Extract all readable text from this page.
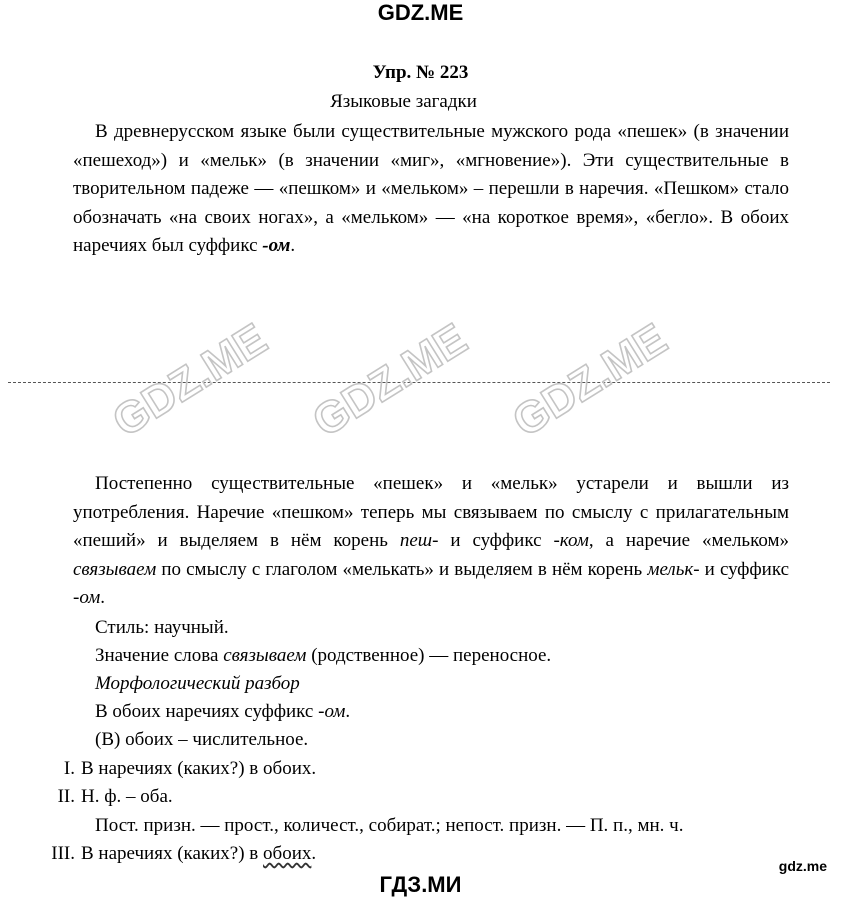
GDZ.ME
Упр. № 223
Языковые загадки
В древнерусском языке были существительные мужского рода «пешек» (в значении «пешеход») и «мельк» (в значении «миг», «мгновение»). Эти существительные в творительном падеже — «пешком» и «мельком» – перешли в наречия. «Пешком» стало обозначать «на своих ногах», а «мельком» — «на короткое время», «бегло». В обоих наречиях был суффикс -ом.
GDZ.ME GDZ.ME GDZ.ME
Постепенно существительные «пешек» и «мельк» устарели и вышли из употребления. Наречие «пешком» теперь мы связываем по смыслу с прилагательным «пеший» и выделяем в нём корень пеш- и суффикс -ком, а наречие «мельком» связываем по смыслу с глаголом «мелькать» и выделяем в нём корень мельк- и суффикс -ом.
Стиль: научный.
Значение слова связываем (родственное) — переносное.
Морфологический разбор
В обоих наречиях суффикс -ом.
(В) обоих – числительное.
I. В наречиях (каких?) в обоих.
II. Н. ф. – оба.
Пост. призн. — прост., количест., собират.; непост. призн. — П. п., мн. ч.
III. В наречиях (каких?) в обоих.
gdz.me
ГДЗ.МИ
